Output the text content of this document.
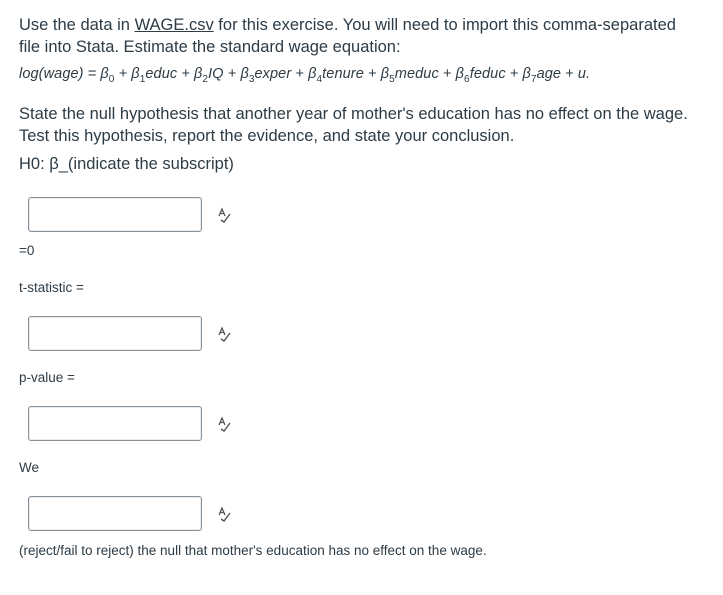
Use the data in WAGE.csv for this exercise. You will need to import this comma-separated file into Stata. Estimate the standard wage equation:
log(wage) = $\beta_0$ + $\beta_1educ + \beta_2IQ$ + $\beta_3exper$ + $\beta_4tenure$ + $\beta_5meduc$ + $\beta_6feduc + \beta_7age + u$.
State the null hypothesis that another year of mother's education has no effect on the wage. Test this hypothesis, report the evidence, and state your conclusion.
H0: β_(indicate the subscript)
=0
t-statistic =
p-value =
We
(reject/fail to reject) the null that mother's education has no effect on the wage.
